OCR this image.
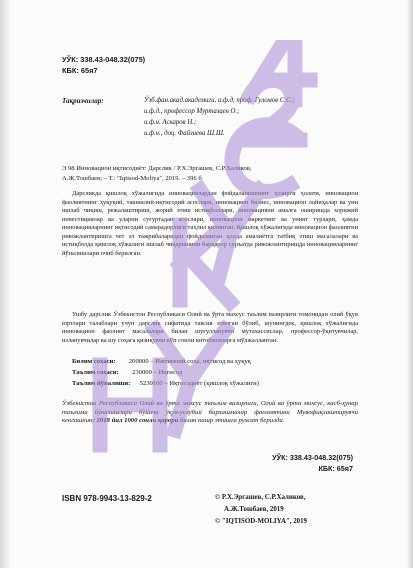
УЎК: 338.43-048.32(075)
КБК: 65я7
Тақризчилар:	Ўзб.фан.акад.академиги, и.ф.д, проф. Гуломов С.С.;
и.ф.д., профессор Муртазаев О.;
и.ф.н. Аскаров Н.;
и.ф.н., доц. Файзиева Ш.Ш.
Э 98 Инновацион иқтисодиёт: Дарслик / Р.Х.Эргашев, С.Р.Халиков,
А.Ж.Тошбаев; – Т.: "Iqtisod-Moliya", 2019. – 396 б
Дарсликда қишлоқ хўжалигида инновациялардан фойдаланишнинг ҳозирги ҳолати, инновацион фаолиятнинг ҳуқуқий, ташкилий-иқтисодий асослари, инновацион бизнес, инновацион лойиҳалар ва уни ишлаб чиқиш, режалаштириш, жорий этиш истиқболлари, инновацияни амалга оширишда хорижий инвестициялар ва уларни суғуртадан асослари, инновацион маркетинг ва унинг турлари, ҳамда инновацияларнинг иқтисодий самарадорлиги таҳлил қилинган. Қишлоқ хўжалигида инновацион фаолиятни ривожлантиришга чет эл тажрибаларидан фойдаланган ҳолда амалиётга татбиқ этиш масалалари ва истиқболда қишлоқ хўжалиги ишлаб чиқаришини барқарор суръатда ривожлантиришда инновацияларнинг йўналишлари очиб берилган.
Ушбу дарслик Ўзбекистон Республикаси Олий ва ўрта махсус таълим вазирлиги томонидан олий ўқув юртлари талаблари учун дарслик сифатида тавсия этилган бўлиб, шунингдек, қишлоқ хўжалигида инновацион фаолият масалалари билан шуғулланувчи мутахассислар, профессор-ўқитувчилар, изланувчилар ва шу соҳага қизиқувчи кўп сонли китобхонларга мўлжалланган.
Билим соҳаси: 200000 – Ижтимоий соҳа, иқтисод ва ҳуқуқ
Таълим соҳаси: 230000 – Иқтисод
Таълим йўналиши: 5230100 – Иқтисодиёт (қишлоқ хўжалиги)
Ўзбекистон Республикаси Олий ва ўрта махсус таълим вазирлиги, Олий ва ўрта махсус, касб-ҳунар таълими йўналишлари бўйича ўқув-услубий бирлашмалар фаолиятини Мувофиқлаштирувчи кенгашнинг 2018 йил 1000 сонли қарори билан нашр этишга рухсат берилди.
УЎК: 338.43-048.32(075)
КБК: 65я7
ISBN 978-9943-13-829-2	© Р.Х.Эргашев, С.Р.Халиков,
А.Ж.Тошбаев, 2019
© "IQTISOD-MOLIYA", 2019
